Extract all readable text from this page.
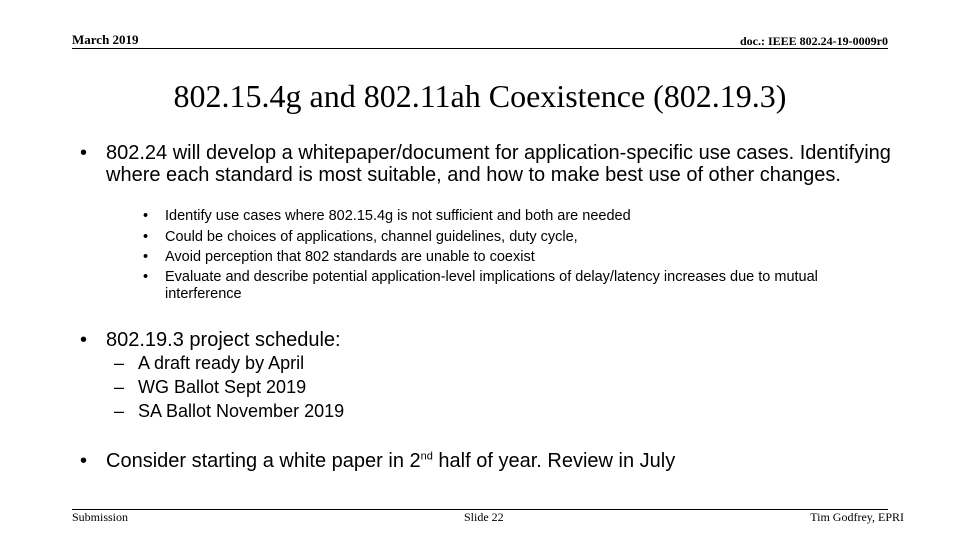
March 2019	doc.: IEEE 802.24-19-0009r0
802.15.4g and 802.11ah Coexistence (802.19.3)
• 802.24 will develop a whitepaper/document for application-specific use cases. Identifying where each standard is most suitable, and how to make best use of other changes.
• Identify use cases where 802.15.4g is not sufficient and both are needed
• Could be choices of applications, channel guidelines, duty cycle,
• Avoid perception that 802 standards are unable to coexist
• Evaluate and describe potential application-level implications of delay/latency increases due to mutual interference
• 802.19.3 project schedule:
– A draft ready by April
– WG Ballot Sept 2019
– SA Ballot November 2019
• Consider starting a white paper in 2nd half of year. Review in July
Submission	Slide 22	Tim Godfrey, EPRI
